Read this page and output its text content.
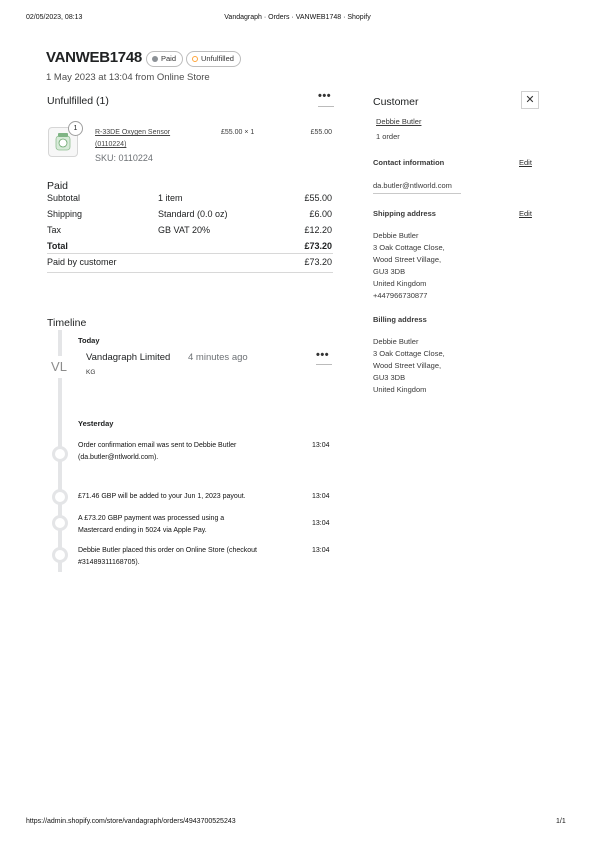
02/05/2023, 08:13	Vandagraph · Orders · VANWEB1748 · Shopify
VANWEB1748	Paid	Unfulfilled
1 May 2023 at 13:04 from Online Store
Unfulfilled (1)	•••
1
R-33DE Oxygen Sensor
(0110224)
SKU: 0110224
£55.00 × 1	£55.00
Paid
Subtotal	1 item	£55.00
Shipping	Standard (0.0 oz)	£6.00
Tax	GB VAT 20%	£12.20
Total	£73.20
Paid by customer	£73.20
Timeline
Today
VL
Vandagraph Limited 4 minutes ago
KG
•••
Yesterday
Order confirmation email was sent to Debbie Butler
(da.butler@ntlworld.com).
13:04
£71.46 GBP will be added to your Jun 1, 2023 payout.	13:04
A £73.20 GBP payment was processed using a
Mastercard ending in 5024 via Apple Pay.
13:04
Debbie Butler placed this order on Online Store (checkout
#31489311168705).
13:04
Customer	✕
Debbie Butler
1 order
Contact information	Edit
da.butler@ntlworld.com
Shipping address	Edit
Debbie Butler
3 Oak Cottage Close,
Wood Street Village,
GU3 3DB
United Kingdom
+447966730877
Billing address
Debbie Butler
3 Oak Cottage Close,
Wood Street Village,
GU3 3DB
United Kingdom
https://admin.shopify.com/store/vandagraph/orders/4943700525243	1/1
